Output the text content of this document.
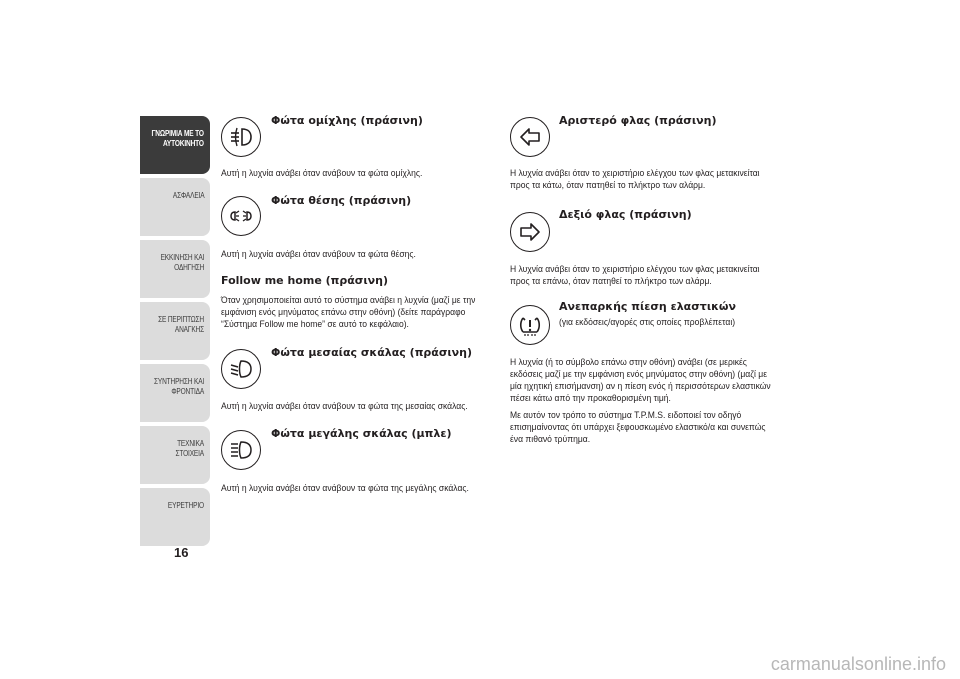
ΓΝΩΡΙΜΙΑ ΜΕ ΤΟ
ΑΥΤΟΚΙΝΗΤΟ
ΑΣΦΑΛΕΙΑ
ΕΚΚΙΝΗΣΗ ΚΑΙ
ΟΔΗΓΗΣΗ
ΣΕ ΠΕΡΙΠΤΩΣΗ
ΑΝΑΓΚΗΣ
ΣΥΝΤΗΡΗΣΗ ΚΑΙ
ΦΡΟΝΤΙΔΑ
ΤΕΧΝΙΚΑ ΣΤΟΙΧΕΙΑ
ΕΥΡΕΤΗΡΙΟ
16
Φώτα ομίχλης (πράσινη)
Αυτή η λυχνία ανάβει όταν ανάβουν τα φώτα ομίχλης.
Φώτα θέσης (πράσινη)
Αυτή η λυχνία ανάβει όταν ανάβουν τα φώτα θέσης.
Follow me home (πράσινη)
Όταν χρησιμοποιείται αυτό το σύστημα ανάβει η λυχνία (μαζί με την εμφάνιση ενός μηνύματος επάνω στην οθόνη) (δείτε παράγραφο “Σύστημα Follow me home” σε αυτό το κεφάλαιο).
Φώτα μεσαίας σκάλας (πράσινη)
Αυτή η λυχνία ανάβει όταν ανάβουν τα φώτα της μεσαίας σκάλας.
Φώτα μεγάλης σκάλας (μπλε)
Αυτή η λυχνία ανάβει όταν ανάβουν τα φώτα της μεγάλης σκάλας.
Αριστερό φλας (πράσινη)
Η λυχνία ανάβει όταν το χειριστήριο ελέγχου των φλας μετακινείται προς τα κάτω, όταν πατηθεί το πλήκτρο των αλάρμ.
Δεξιό φλας (πράσινη)
Η λυχνία ανάβει όταν το χειριστήριο ελέγχου των φλας μετακινείται προς τα επάνω, όταν πατηθεί το πλήκτρο των αλάρμ.
Ανεπαρκής πίεση ελαστικών
(για εκδόσεις/αγορές στις οποίες προβλέπεται)
Η λυχνία (ή το σύμβολο επάνω στην οθόνη) ανάβει (σε μερικές εκδόσεις μαζί με την εμφάνιση ενός μηνύματος στην οθόνη) (μαζί με μία ηχητική επισήμανση) αν η πίεση ενός ή περισσότερων ελαστικών πέσει κάτω από την προκαθορισμένη τιμή.
Με αυτόν τον τρόπο το σύστημα T.P.M.S. ειδοποιεί τον οδηγό επισημαίνοντας ότι υπάρχει ξεφουσκωμένο ελαστικό/α και συνεπώς ένα πιθανό τρύπημα.
carmanualsonline.info
